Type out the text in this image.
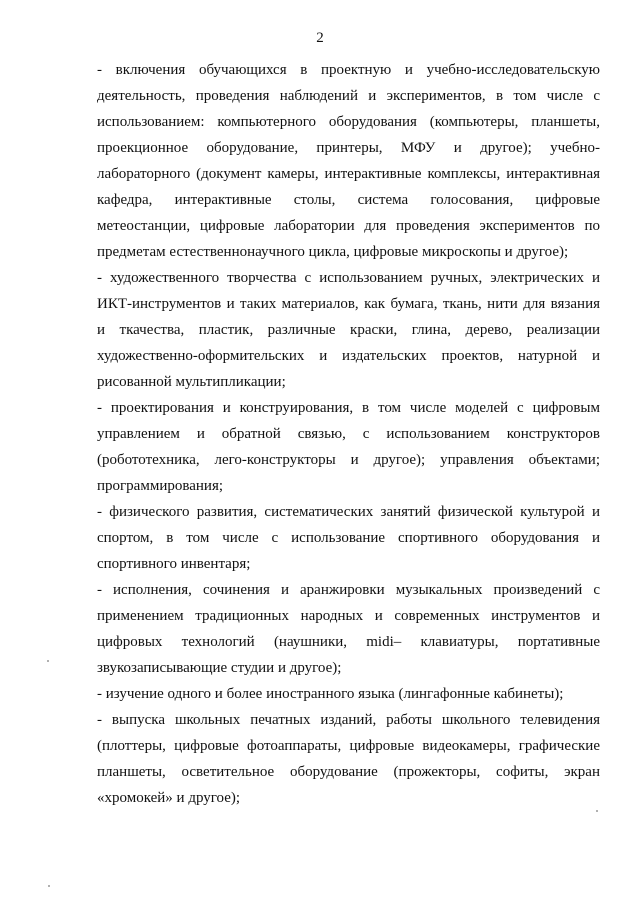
2
- включения обучающихся в проектную и учебно-исследовательскую
деятельность, проведения наблюдений и экспериментов, в том числе с
использованием: компьютерного оборудования (компьютеры, планшеты,
проекционное оборудование, принтеры, МФУ и другое); учебно-
лабораторного (документ камеры, интерактивные комплексы, интерактивная
кафедра, интерактивные столы, система голосования, цифровые
метеостанции, цифровые лаборатории для проведения экспериментов по
предметам естественнонаучного цикла, цифровые микроскопы и другое);
- художественного творчества с использованием ручных, электрических и
ИКТ-инструментов и таких материалов, как бумага, ткань, нити для вязания
и ткачества, пластик, различные краски, глина, дерево, реализации
художественно-оформительских и издательских проектов, натурной и
рисованной мультипликации;
- проектирования и конструирования, в том числе моделей с цифровым
управлением и обратной связью, с использованием конструкторов
(робототехника, лего-конструкторы и другое); управления объектами;
программирования;
- физического развития, систематических занятий физической культурой и
спортом, в том числе с использование спортивного оборудования и
спортивного инвентаря;
- исполнения, сочинения и аранжировки музыкальных произведений с
применением традиционных народных и современных инструментов и
цифровых технологий (наушники, midi– клавиатуры, портативные
звукозаписывающие студии и другое);
- изучение одного и более иностранного языка (лингафонные кабинеты);
- выпуска школьных печатных изданий, работы школьного телевидения
(плоттеры, цифровые фотоаппараты, цифровые видеокамеры, графические
планшеты, осветительное оборудование (прожекторы, софиты, экран
«хромокей» и другое);
